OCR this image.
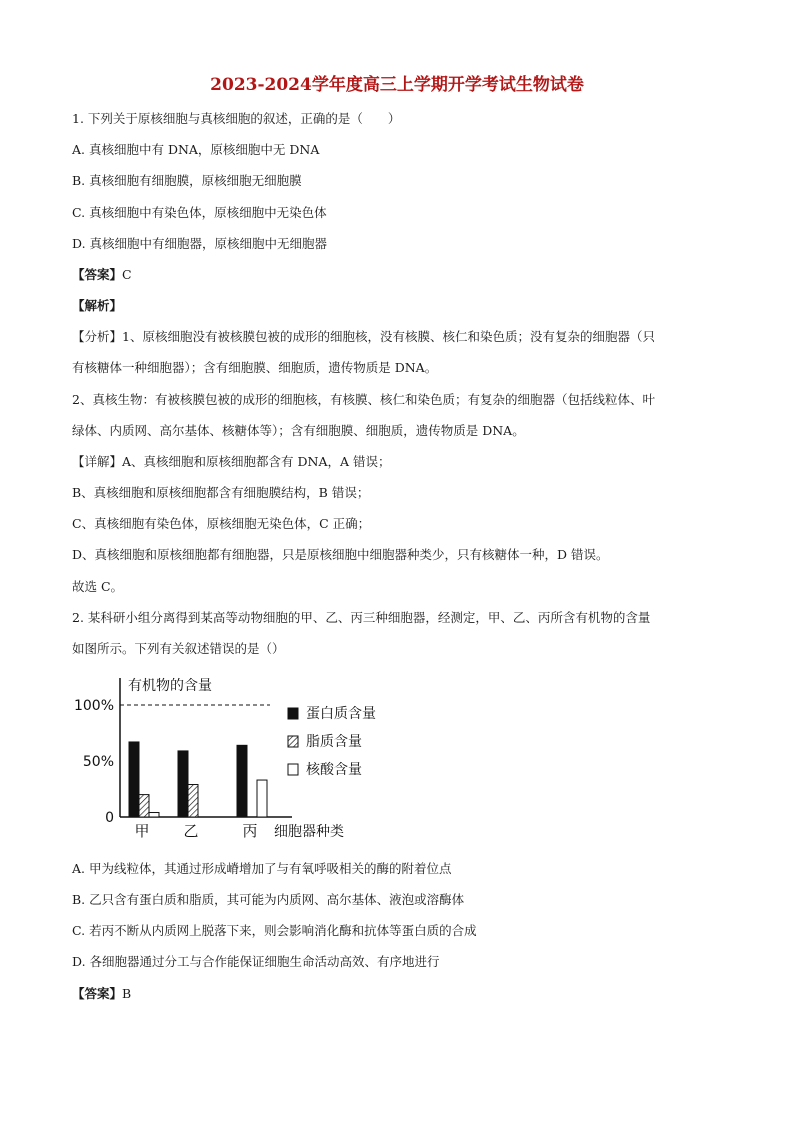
2023-2024学年度高三上学期开学考试生物试卷
1. 下列关于原核细胞与真核细胞的叙述，正确的是（　　）
A. 真核细胞中有 DNA，原核细胞中无 DNA
B. 真核细胞有细胞膜，原核细胞无细胞膜
C. 真核细胞中有染色体，原核细胞中无染色体
D. 真核细胞中有细胞器，原核细胞中无细胞器
【答案】C
【解析】
【分析】1、原核细胞没有被核膜包被的成形的细胞核，没有核膜、核仁和染色质；没有复杂的细胞器（只
有核糖体一种细胞器）；含有细胞膜、细胞质，遗传物质是 DNA。
2、真核生物：有被核膜包被的成形的细胞核，有核膜、核仁和染色质；有复杂的细胞器（包括线粒体、叶
绿体、内质网、高尔基体、核糖体等）；含有细胞膜、细胞质，遗传物质是 DNA。
【详解】A、真核细胞和原核细胞都含有 DNA，A 错误；
B、真核细胞和原核细胞都含有细胞膜结构，B 错误；
C、真核细胞有染色体，原核细胞无染色体，C 正确；
D、真核细胞和原核细胞都有细胞器，只是原核细胞中细胞器种类少，只有核糖体一种，D 错误。
故选 C。
2. 某科研小组分离得到某高等动物细胞的甲、乙、丙三种细胞器，经测定，甲、乙、丙所含有机物的含量
如图所示。下列有关叙述错误的是（）
有机物的含量
细胞器种类
0
50%
100%
甲 乙	丙
蛋白质含量
脂质含量
核酸含量
A. 甲为线粒体，其通过形成嵴增加了与有氧呼吸相关的酶的附着位点
B. 乙只含有蛋白质和脂质，其可能为内质网、高尔基体、液泡或溶酶体
C. 若丙不断从内质网上脱落下来，则会影响消化酶和抗体等蛋白质的合成
D. 各细胞器通过分工与合作能保证细胞生命活动高效、有序地进行
【答案】B
